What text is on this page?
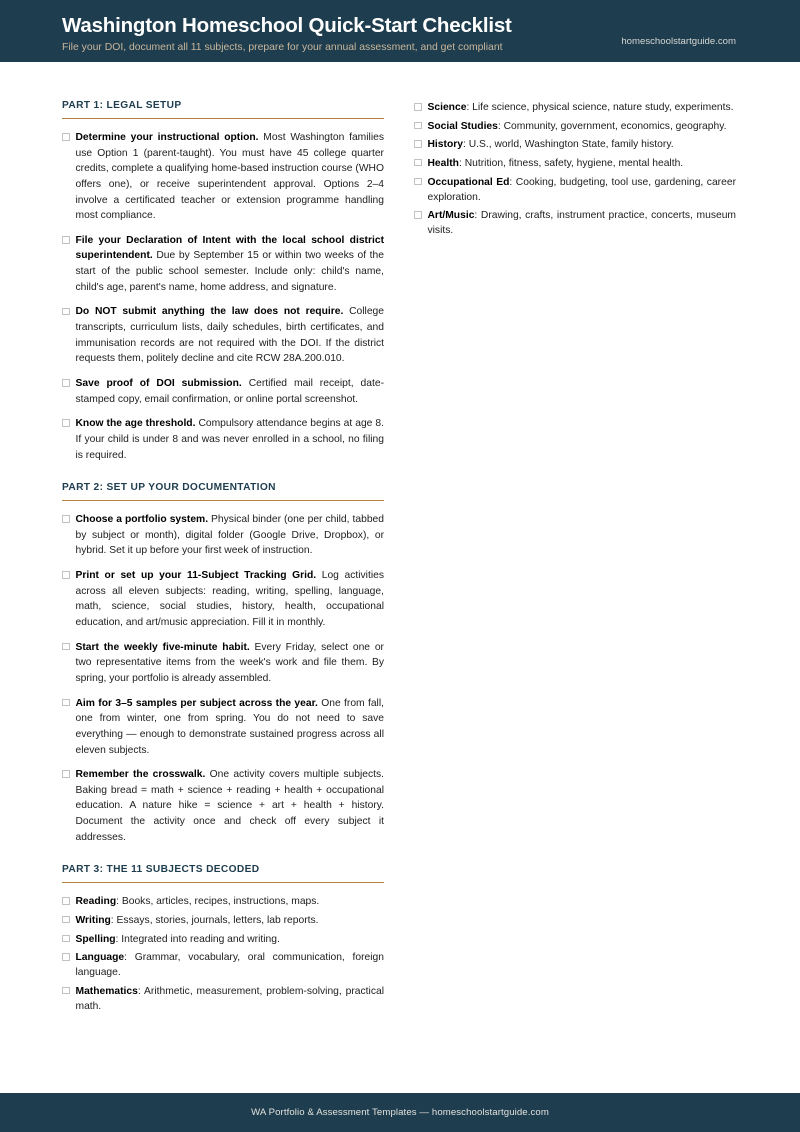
Washington Homeschool Quick-Start Checklist
File your DOI, document all 11 subjects, prepare for your annual assessment, and get compliant
homeschoolstartguide.com
PART 1: LEGAL SETUP
Determine your instructional option. Most Washington families use Option 1 (parent-taught). You must have 45 college quarter credits, complete a qualifying home-based instruction course (WHO offers one), or receive superintendent approval. Options 2–4 involve a certificated teacher or extension programme handling most compliance.
File your Declaration of Intent with the local school district superintendent. Due by September 15 or within two weeks of the start of the public school semester. Include only: child's name, child's age, parent's name, home address, and signature.
Do NOT submit anything the law does not require. College transcripts, curriculum lists, daily schedules, birth certificates, and immunisation records are not required with the DOI. If the district requests them, politely decline and cite RCW 28A.200.010.
Save proof of DOI submission. Certified mail receipt, date-stamped copy, email confirmation, or online portal screenshot.
Know the age threshold. Compulsory attendance begins at age 8. If your child is under 8 and was never enrolled in a school, no filing is required.
PART 2: SET UP YOUR DOCUMENTATION
Choose a portfolio system. Physical binder (one per child, tabbed by subject or month), digital folder (Google Drive, Dropbox), or hybrid. Set it up before your first week of instruction.
Print or set up your 11-Subject Tracking Grid. Log activities across all eleven subjects: reading, writing, spelling, language, math, science, social studies, history, health, occupational education, and art/music appreciation. Fill it in monthly.
Start the weekly five-minute habit. Every Friday, select one or two representative items from the week's work and file them. By spring, your portfolio is already assembled.
Aim for 3–5 samples per subject across the year. One from fall, one from winter, one from spring. You do not need to save everything — enough to demonstrate sustained progress across all eleven subjects.
Remember the crosswalk. One activity covers multiple subjects. Baking bread = math + science + reading + health + occupational education. A nature hike = science + art + health + history. Document the activity once and check off every subject it addresses.
PART 3: THE 11 SUBJECTS DECODED
Reading: Books, articles, recipes, instructions, maps.
Writing: Essays, stories, journals, letters, lab reports.
Spelling: Integrated into reading and writing.
Language: Grammar, vocabulary, oral communication, foreign language.
Mathematics: Arithmetic, measurement, problem-solving, practical math.
Science: Life science, physical science, nature study, experiments.
Social Studies: Community, government, economics, geography.
History: U.S., world, Washington State, family history.
Health: Nutrition, fitness, safety, hygiene, mental health.
Occupational Ed: Cooking, budgeting, tool use, gardening, career exploration.
Art/Music: Drawing, crafts, instrument practice, concerts, museum visits.
WA Portfolio & Assessment Templates — homeschoolstartguide.com
